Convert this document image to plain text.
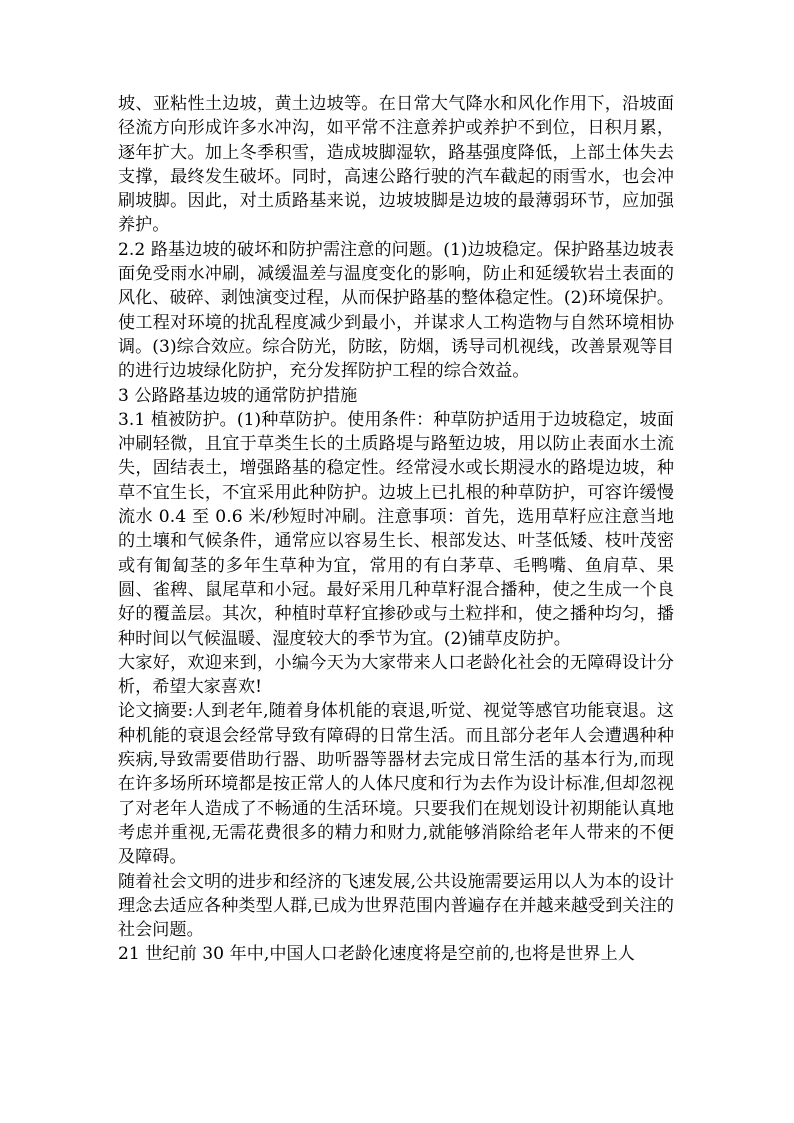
坡、亚粘性土边坡，黄土边坡等。在日常大气降水和风化作用下，沿坡面径流方向形成许多水冲沟，如平常不注意养护或养护不到位，日积月累，逐年扩大。加上冬季积雪，造成坡脚湿软，路基强度降低，上部土体失去支撑，最终发生破坏。同时，高速公路行驶的汽车截起的雨雪水，也会冲刷坡脚。因此，对土质路基来说，边坡坡脚是边坡的最薄弱环节，应加强养护。

2.2 路基边坡的破坏和防护需注意的问题。(1)边坡稳定。保护路基边坡表面免受雨水冲刷，减缓温差与温度变化的影响，防止和延缓软岩土表面的风化、破碎、剥蚀演变过程，从而保护路基的整体稳定性。(2)环境保护。使工程对环境的扰乱程度减少到最小，并谋求人工构造物与自然环境相协调。(3)综合效应。综合防光，防眩，防烟，诱导司机视线，改善景观等目的进行边坡绿化防护，充分发挥防护工程的综合效益。

3 公路路基边坡的通常防护措施

3.1 植被防护。(1)种草防护。使用条件：种草防护适用于边坡稳定，坡面冲刷轻微，且宜于草类生长的土质路堤与路堑边坡，用以防止表面水土流失，固结表土，增强路基的稳定性。经常浸水或长期浸水的路堤边坡，种草不宜生长，不宜采用此种防护。边坡上已扎根的种草防护，可容许缓慢流水 0.4 至 0.6 米/秒短时冲刷。注意事项：首先，选用草籽应注意当地的土壤和气候条件，通常应以容易生长、根部发达、叶茎低矮、枝叶茂密或有匍匐茎的多年生草种为宜，常用的有白茅草、毛鸭嘴、鱼肩草、果圆、雀稗、鼠尾草和小冠。最好采用几种草籽混合播种，使之生成一个良好的覆盖层。其次，种植时草籽宜掺砂或与土粒拌和，使之播种均匀，播种时间以气候温暖、湿度较大的季节为宜。(2)铺草皮防护。

大家好，欢迎来到，小编今天为大家带来人口老龄化社会的无障碍设计分析，希望大家喜欢!

论文摘要:人到老年,随着身体机能的衰退,听觉、视觉等感官功能衰退。这种机能的衰退会经常导致有障碍的日常生活。而且部分老年人会遭遇种种疾病,导致需要借助行器、助听器等器材去完成日常生活的基本行为,而现在许多场所环境都是按正常人的人体尺度和行为去作为设计标准,但却忽视了对老年人造成了不畅通的生活环境。只要我们在规划设计初期能认真地考虑并重视,无需花费很多的精力和财力,就能够消除给老年人带来的不便及障碍。

随着社会文明的进步和经济的飞速发展,公共设施需要运用以人为本的设计理念去适应各种类型人群,已成为世界范围内普遍存在并越来越受到关注的社会问题。

21 世纪前 30 年中,中国人口老龄化速度将是空前的,也将是世界上人
